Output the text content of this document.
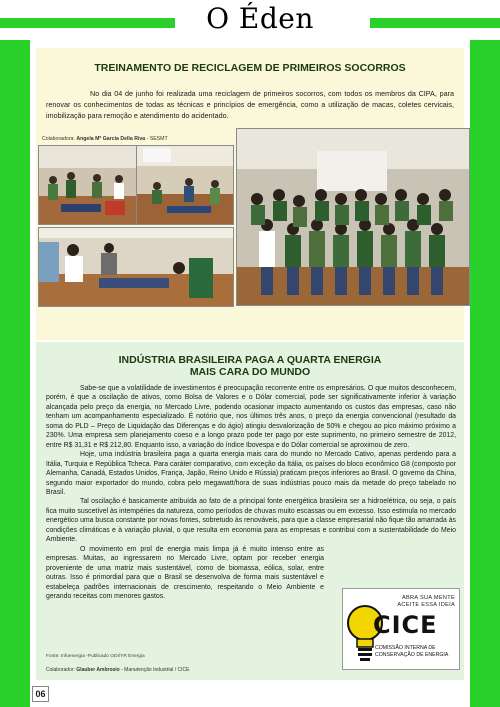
O Éden
TREINAMENTO DE RECICLAGEM DE PRIMEIROS SOCORROS
No dia 04 de junho foi realizada uma reciclagem de primeiros socorros, com todos os membros da CIPA, para renovar os conhecimentos de todas as técnicas e princípios de emergência, como a utilização de macas, coletes cervicais, imobilização para remoção e atendimento do acidentado.
Colaboradora: Angela Mª Garcia Della Riva - SESMT
INDÚSTRIA BRASILEIRA PAGA A QUARTA ENERGIA
MAIS CARA DO MUNDO

Sabe-se que a volatilidade de investimentos é preocupação recorrente entre os empresários. O que muitos desconhecem, porém, é que a oscilação de ativos, como Bolsa de Valores e o Dólar comercial, pode ser significativamente inferior à variação alcançada pelo preço da energia, no Mercado Livre, podendo ocasionar impacto aumentando os custos das empresas, caso não tenham um acompanhamento especializado. É notório que, nos últimos três anos, o preço da energia convencional (resultado da soma do PLD – Preço de Liquidação das Diferenças e do ágio) atingiu desvalorização de 50% e chegou ao pico máximo próximo a 230%. Uma empresa sem planejamento coeso e a longo prazo pode ter pago por este suprimento, no primeiro semestre de 2012, entre R$ 31,31 e R$ 212,80. Enquanto isso, a variação do índice Ibovespa e do Dólar comercial se aproximou de zero.

Hoje, uma indústria brasileira paga a quarta energia mais cara do mundo no Mercado Cativo, apenas perdendo para a Itália, Turquia e República Tcheca. Para caráter comparativo, com exceção da Itália, os países do bloco econômico G8 (composto por Alemanha, Canadá, Estados Unidos, França, Japão, Reino Unido e Rússia) praticam preços inferiores ao Brasil. O governo da China, segundo maior exportador do mundo, cobra pelo megawatt/hora de suas indústrias pouco mais da metade do preço tabelado no Brasil.

Tal oscilação é basicamente atribuída ao fato de a principal fonte energética brasileira ser a hidroelétrica, ou seja, o país fica muito suscetível às intempéries da natureza, como períodos de chuvas muito escassas ou em excesso. Isso estimula no mercado energético uma busca constante por novas fontes, sobretudo às renováveis, para que a classe empresarial não fique tão amarrada às condições climáticas e à variação pluvial, o que resulta em economia para as empresas e contribui com a sustentabilidade do Meio Ambiente.

O movimento em prol de energia mais limpa já é muito intenso entre as empresas. Muitas, ao ingressarem no Mercado Livre, optam por receber energia proveniente de uma matriz mais sustentável, como de biomassa, eólica, solar, entre outras. Isso é primordial para que o Brasil se desenvolva de forma mais sustentável e estabeleça padrões internacionais de crescimento, respeitando o Meio Ambiente e gerando receitas com menores gastos.

Fonte: Infoenergia -Publicado ODI/YR Energia
Colaborador: Glauber Ambrosio - Manutenção Industrial / CICE
ABRA SUA MENTE
ACEITE ESSA IDEIA
CICE
COMISSÃO INTERNA DE
CONSERVAÇÃO DE ENERGIA
06
